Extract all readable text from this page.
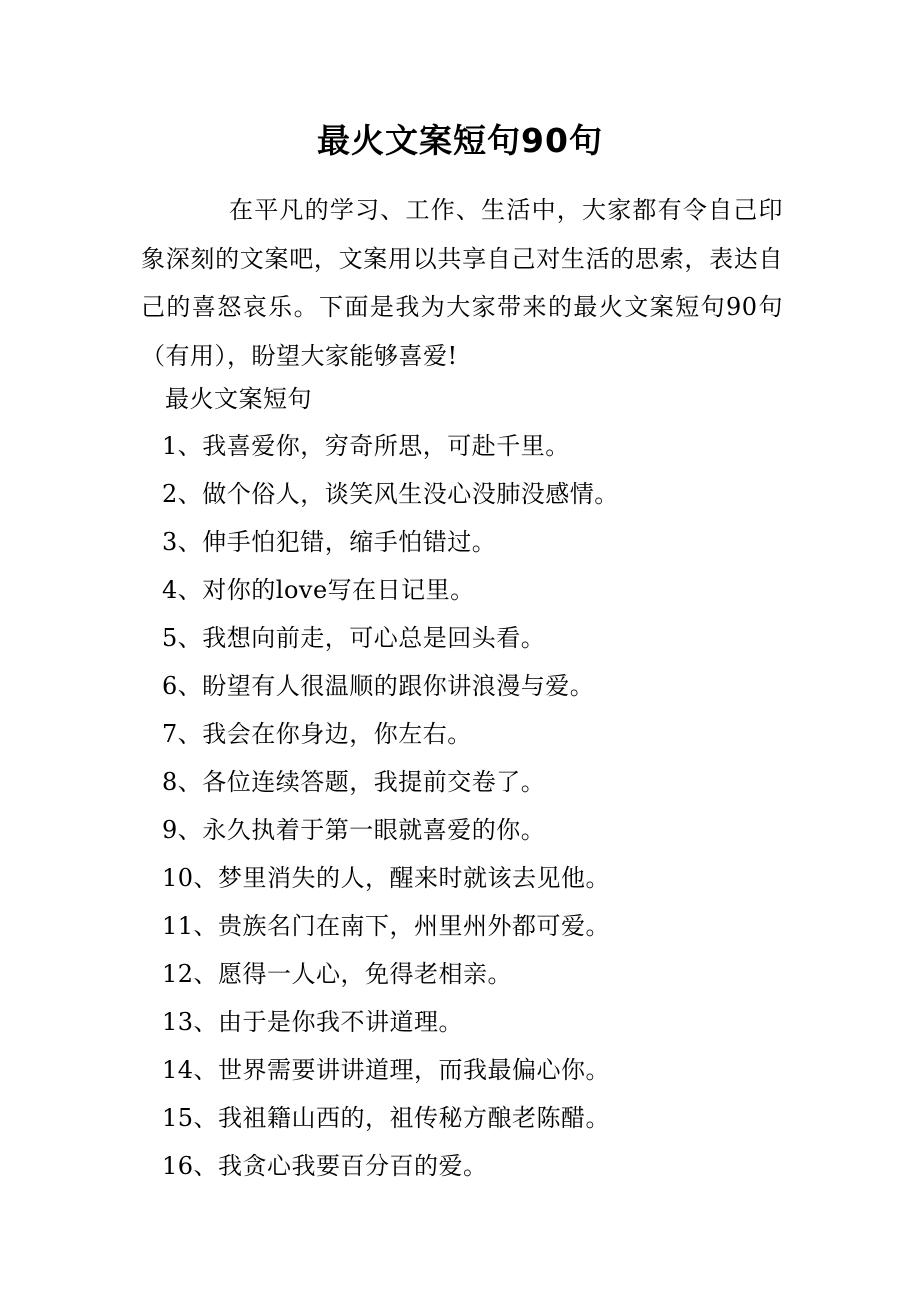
最火文案短句90句

在平凡的学习、工作、生活中，大家都有令自己印象深刻的文案吧，文案用以共享自己对生活的思索，表达自己的喜怒哀乐。下面是我为大家带来的最火文案短句90句（有用），盼望大家能够喜爱!

最火文案短句
1、我喜爱你，穷奇所思，可赴千里。
2、做个俗人，谈笑风生没心没肺没感情。
3、伸手怕犯错，缩手怕错过。
4、对你的love写在日记里。
5、我想向前走，可心总是回头看。
6、盼望有人很温顺的跟你讲浪漫与爱。
7、我会在你身边，你左右。
8、各位连续答题，我提前交卷了。
9、永久执着于第一眼就喜爱的你。
10、梦里消失的人，醒来时就该去见他。
11、贵族名门在南下，州里州外都可爱。
12、愿得一人心，免得老相亲。
13、由于是你我不讲道理。
14、世界需要讲讲道理，而我最偏心你。
15、我祖籍山西的，祖传秘方酿老陈醋。
16、我贪心我要百分百的爱。
